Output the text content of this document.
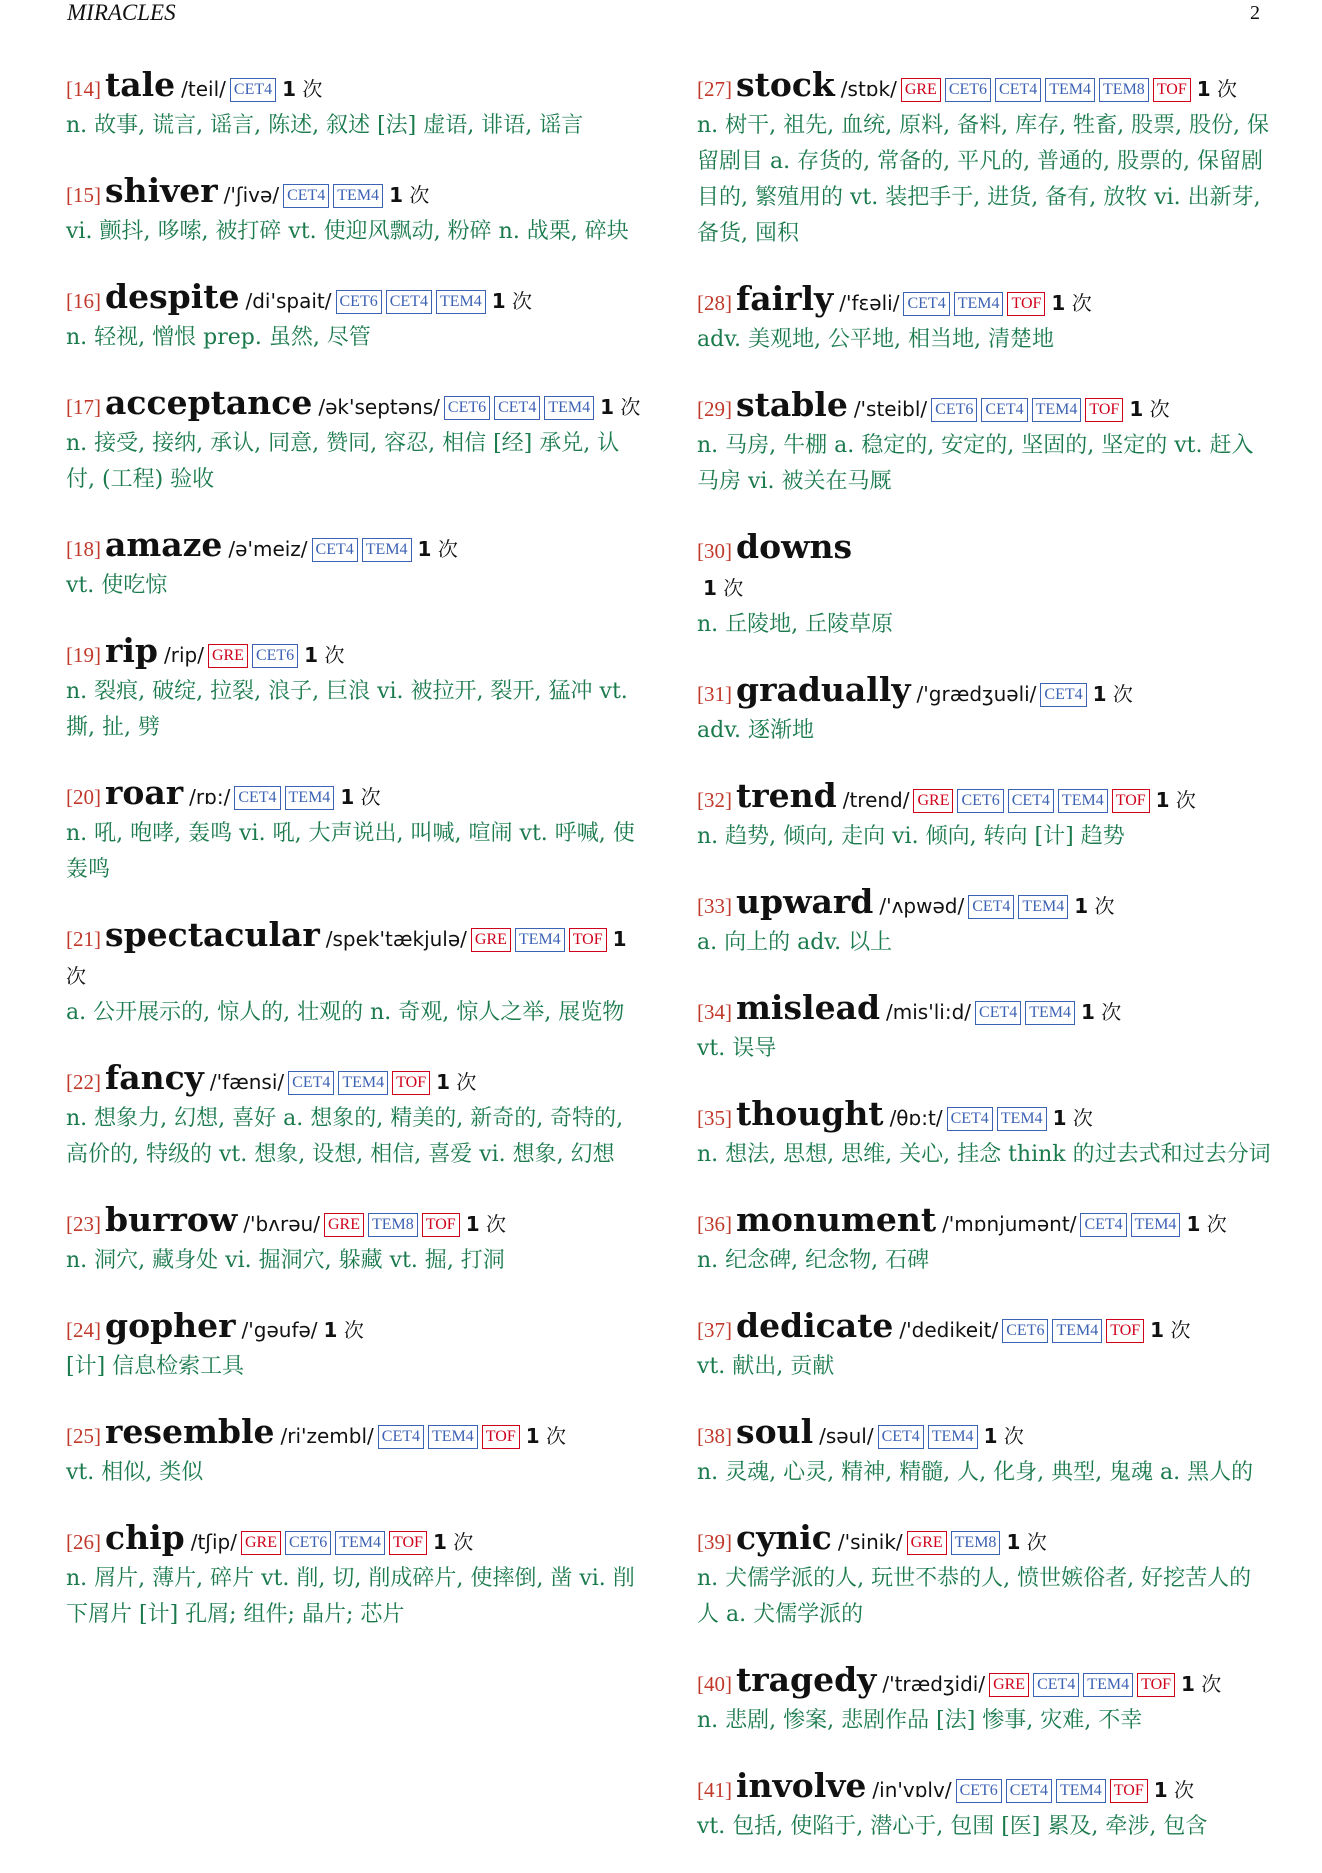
MIRACLES	2
[14] tale /teil/ CET4 1 次
n. 故事, 谎言, 谣言, 陈述, 叙述 [法] 虚语, 诽语, 谣言
[15] shiver /'ʃivə/ CET4 TEM4 1 次
vi. 颤抖, 哆嗦, 被打碎 vt. 使迎风飘动, 粉碎 n. 战栗, 碎块
[16] despite /di'spait/ CET6 CET4 TEM4 1 次
n. 轻视, 憎恨 prep. 虽然, 尽管
[17] acceptance /ək'septəns/ CET6 CET4 TEM4 1 次
n. 接受, 接纳, 承认, 同意, 赞同, 容忍, 相信 [经] 承兑, 认付, (工程) 验收
[18] amaze /ə'meiz/ CET4 TEM4 1 次
vt. 使吃惊
[19] rip /rip/ GRE CET6 1 次
n. 裂痕, 破绽, 拉裂, 浪子, 巨浪 vi. 被拉开, 裂开, 猛冲 vt. 撕, 扯, 劈
[20] roar /rɒ:/ CET4 TEM4 1 次
n. 吼, 咆哮, 轰鸣 vi. 吼, 大声说出, 叫喊, 喧闹 vt. 呼喊, 使轰鸣
[21] spectacular /spek'tækjulə/ GRE TEM4 TOF 1 次
a. 公开展示的, 惊人的, 壮观的 n. 奇观, 惊人之举, 展览物
[22] fancy /'fænsi/ CET4 TEM4 TOF 1 次
n. 想象力, 幻想, 喜好 a. 想象的, 精美的, 新奇的, 奇特的, 高价的, 特级的 vt. 想象, 设想, 相信, 喜爱 vi. 想象, 幻想
[23] burrow /'bʌrəu/ GRE TEM8 TOF 1 次
n. 洞穴, 藏身处 vi. 掘洞穴, 躲藏 vt. 掘, 打洞
[24] gopher /'gəufə/ 1 次
[计] 信息检索工具
[25] resemble /ri'zembl/ CET4 TEM4 TOF 1 次
vt. 相似, 类似
[26] chip /tʃip/ GRE CET6 TEM4 TOF 1 次
n. 屑片, 薄片, 碎片 vt. 削, 切, 削成碎片, 使摔倒, 凿 vi. 削下屑片 [计] 孔屑; 组件; 晶片; 芯片
[27] stock /stɒk/ GRE CET6 CET4 TEM4 TEM8 TOF 1 次
n. 树干, 祖先, 血统, 原料, 备料, 库存, 牲畜, 股票, 股份, 保留剧目 a. 存货的, 常备的, 平凡的, 普通的, 股票的, 保留剧目的, 繁殖用的 vt. 装把手于, 进货, 备有, 放牧 vi. 出新芽, 备货, 囤积
[28] fairly /'fɛəli/ CET4 TEM4 TOF 1 次
adv. 美观地, 公平地, 相当地, 清楚地
[29] stable /'steibl/ CET6 CET4 TEM4 TOF 1 次
n. 马房, 牛棚 a. 稳定的, 安定的, 坚固的, 坚定的 vt. 赶入马房 vi. 被关在马厩
[30] downs
1 次
n. 丘陵地, 丘陵草原
[31] gradually /'grædʒuəli/ CET4 1 次
adv. 逐渐地
[32] trend /trend/ GRE CET6 CET4 TEM4 TOF 1 次
n. 趋势, 倾向, 走向 vi. 倾向, 转向 [计] 趋势
[33] upward /'ʌpwəd/ CET4 TEM4 1 次
a. 向上的 adv. 以上
[34] mislead /mis'li:d/ CET4 TEM4 1 次
vt. 误导
[35] thought /θɒ:t/ CET4 TEM4 1 次
n. 想法, 思想, 思维, 关心, 挂念 think 的过去式和过去分词
[36] monument /'mɒnjumənt/ CET4 TEM4 1 次
n. 纪念碑, 纪念物, 石碑
[37] dedicate /'dedikeit/ CET6 TEM4 TOF 1 次
vt. 献出, 贡献
[38] soul /səul/ CET4 TEM4 1 次
n. 灵魂, 心灵, 精神, 精髓, 人, 化身, 典型, 鬼魂 a. 黑人的
[39] cynic /'sinik/ GRE TEM8 1 次
n. 犬儒学派的人, 玩世不恭的人, 愤世嫉俗者, 好挖苦人的人 a. 犬儒学派的
[40] tragedy /'trædʒidi/ GRE CET4 TEM4 TOF 1 次
n. 悲剧, 惨案, 悲剧作品 [法] 惨事, 灾难, 不幸
[41] involve /in'vɒlv/ CET6 CET4 TEM4 TOF 1 次
vt. 包括, 使陷于, 潜心于, 包围 [医] 累及, 牵涉, 包含
